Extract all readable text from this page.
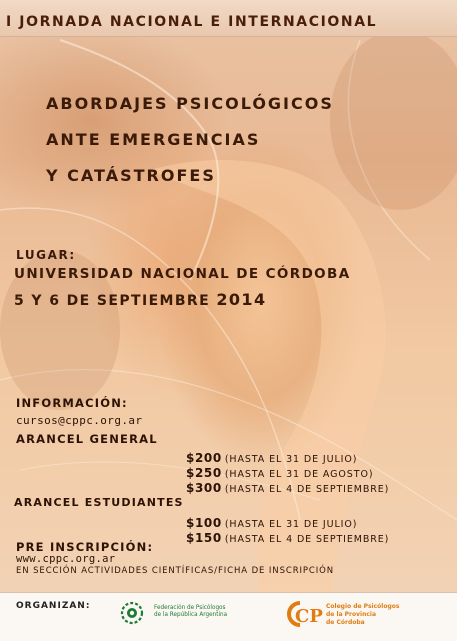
I JORNADA NACIONAL E INTERNACIONAL
ABORDAJES PSICOLÓGICOS
ANTE EMERGENCIAS
Y CATÁSTROFES
LUGAR:
UNIVERSIDAD NACIONAL DE CÓRDOBA
5 Y 6 DE SEPTIEMBRE 2014
INFORMACIÓN:
cursos@cppc.org.ar
ARANCEL GENERAL
$200 (HASTA EL 31 DE JULIO)
$250 (HASTA EL 31 DE AGOSTO)
$300 (HASTA EL 4 DE SEPTIEMBRE)
ARANCEL ESTUDIANTES
$100 (HASTA EL 31 DE JULIO)
$150 (HASTA EL 4 DE SEPTIEMBRE)
PRE INSCRIPCIÓN:
www.cppc.org.ar
EN SECCIÓN ACTIVIDADES CIENTÍFICAS/FICHA DE INSCRIPCIÓN
ORGANIZAN:	Federación de Psicólogos
de la República Argentina	CP Colegio de Psicólogos
de la Provincia
de Córdoba
